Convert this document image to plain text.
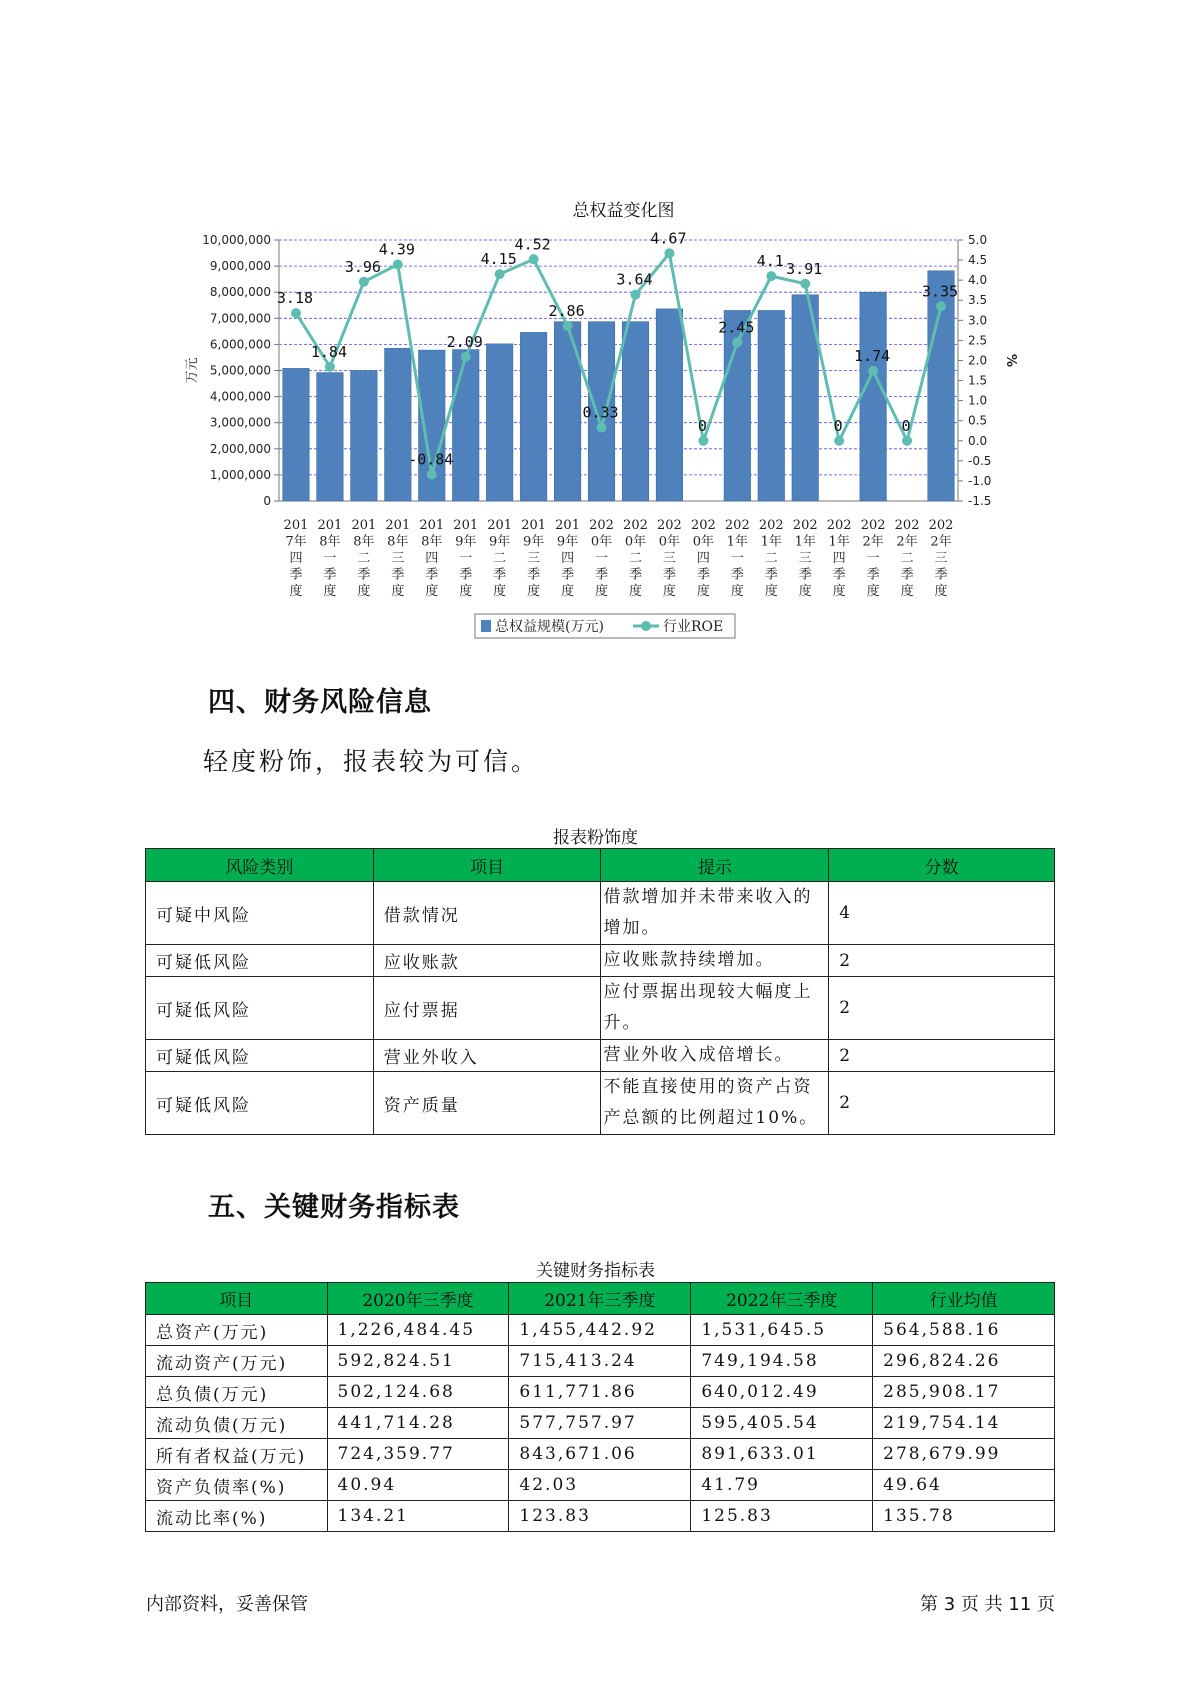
总权益变化图
0
1,000,000
2,000,000
3,000,000
4,000,000
5,000,000
6,000,000
7,000,000
8,000,000
9,000,000
10,000,000
-1.5
-1.0
-0.5
0.0
0.5
1.0
1.5
2.0
2.5
3.0
3.5
4.0
4.5
5.0
万元	%
3.18
1.84
3.96
4.39
-0.84
2.09
4.15
4.52
2.86
0.33
3.64
4.67
0
2.45
4.1 3.91
0
1.74
0
3.35
201 7年四季度
201 8年一季度
201 8年二季度
201 8年三季度
201 8年四季度
201 9年一季度
201 9年二季度
201 9年三季度
201 9年四季度
202 0年一季度
202 0年二季度
202 0年三季度
202 0年四季度
202 1年一季度
202 1年二季度
202 1年三季度
202 1年四季度
202 2年一季度
202 2年二季度
202 2年三季度
总权益规模(万元)	行业ROE
四、财务风险信息
轻度粉饰，报表较为可信。
报表粉饰度
风险类别	项目	提示	分数
可疑中风险	借款情况	借款增加并未带来收入的增加。	4
可疑低风险	应收账款	应收账款持续增加。	2
可疑低风险	应付票据	应付票据出现较大幅度上升。	2
可疑低风险	营业外收入	营业外收入成倍增长。	2
可疑低风险	资产质量	不能直接使用的资产占资产总额的比例超过10%。	2
五、关键财务指标表
关键财务指标表
项目	2020年三季度	2021年三季度	2022年三季度	行业均值
总资产(万元)	1,226,484.45	1,455,442.92	1,531,645.5	564,588.16
流动资产(万元)	592,824.51	715,413.24	749,194.58	296,824.26
总负债(万元)	502,124.68	611,771.86	640,012.49	285,908.17
流动负债(万元)	441,714.28	577,757.97	595,405.54	219,754.14
所有者权益(万元)	724,359.77	843,671.06	891,633.01	278,679.99
资产负债率(%)	40.94	42.03	41.79	49.64
流动比率(%)	134.21	123.83	125.83	135.78
内部资料，妥善保管	第 3 页 共 11 页
